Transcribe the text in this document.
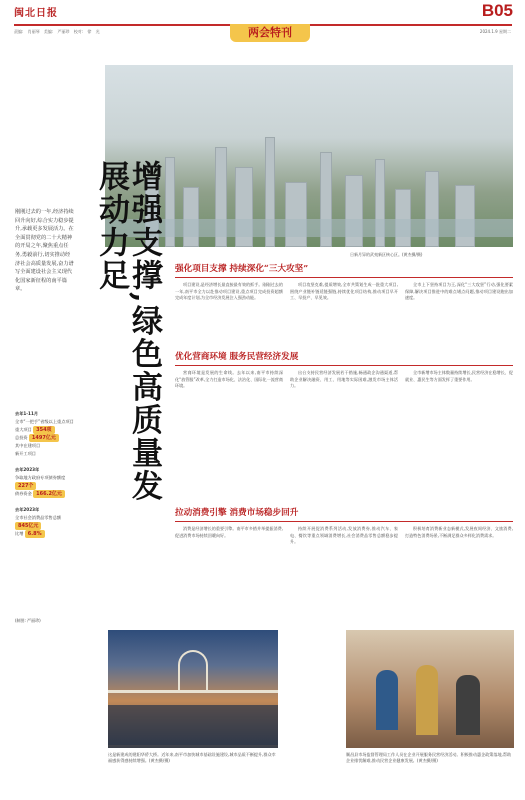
闽北日报	B05
责编: 肖丽琴 美编: 严丽珍 校对: 徐 光	2024.1.9 星期二
两会特刊
日新月异的武夷新区核心区。(黄杰摄/摄)
刚刚过去的一年,经济持续回升向好,综合实力稳步提升,承载更多发展活力。在全面贯彻党的二十大精神的开局之年,聚焦重点任务,勇毅前行,切实推动经济社会高质量发展,奋力谱写全面建设社会主义现代化国家新征程的南平篇章。	增强支撑,绿色高质量发展动力足
去年1-11月
全市“一把手”省级以上重点项目
重大项目 354项
总投资 1497亿元
其中在建项目
新开工项目
去年2023年
争取地方政府专项债券额度 227个
债券资金 166.2亿元
去年2023年
全市社会消费品零售总额 845亿元
比增 6.8%
(制图: 严丽珍)
强化项目支撑 持续深化“三大攻坚”

项目建设,是经济增长最直接最有效的抓手。刚刚过去的一年,南平市全力以赴推动项目建设,重点项目完成投资超额完成年度计划,为全市经济发展注入强劲动能。

项目攻坚克难,提质增效,全市共策划生成一批重大项目,围绕产业链补链延链强链,持续优化项目结构,推动项目早开工、早投产、早见效。

全市上下坚持项目为王,深化“三大攻坚”行动,强化要素保障,解决项目推进中的难点堵点问题,推动项目建设跑出加速度。

优化营商环境 服务民营经济发展

营商环境是发展的生命线。去年以来,南平市持续深化“放管服”改革,全力打造市场化、法治化、国际化一流营商环境。

出台支持民营经济发展若干措施,畅通政企沟通渠道,帮助企业解决融资、用工、用地等实际困难,激发市场主体活力。

全市新增市场主体数量持续增长,民营经济在稳增长、促就业、惠民生等方面发挥了重要作用。

拉动消费引擎 消费市场稳步回升

消费是经济增长的重要引擎。南平市多措并举提振消费,促进消费市场持续回暖向好。

持续开展促消费系列活动,发放消费券,推动汽车、家电、餐饮等重点领域消费增长,社会消费品零售总额稳步提升。

积极培育消费新业态新模式,发展夜间经济、文旅消费,打造特色消费场景,不断满足群众多样化消费需求。

这是新建成的建阳华侨大桥。近年来,南平市加快城市基础设施建设,城市品质不断提升,群众幸福感获得感持续增强。(黄杰摄/摄)
顺昌县市场监督管理局工作人员在企业开展服务民营经济活动。积极推动惠企政策落地,帮助企业排忧解难,推动民营企业健康发展。(黄杰摄/摄)
